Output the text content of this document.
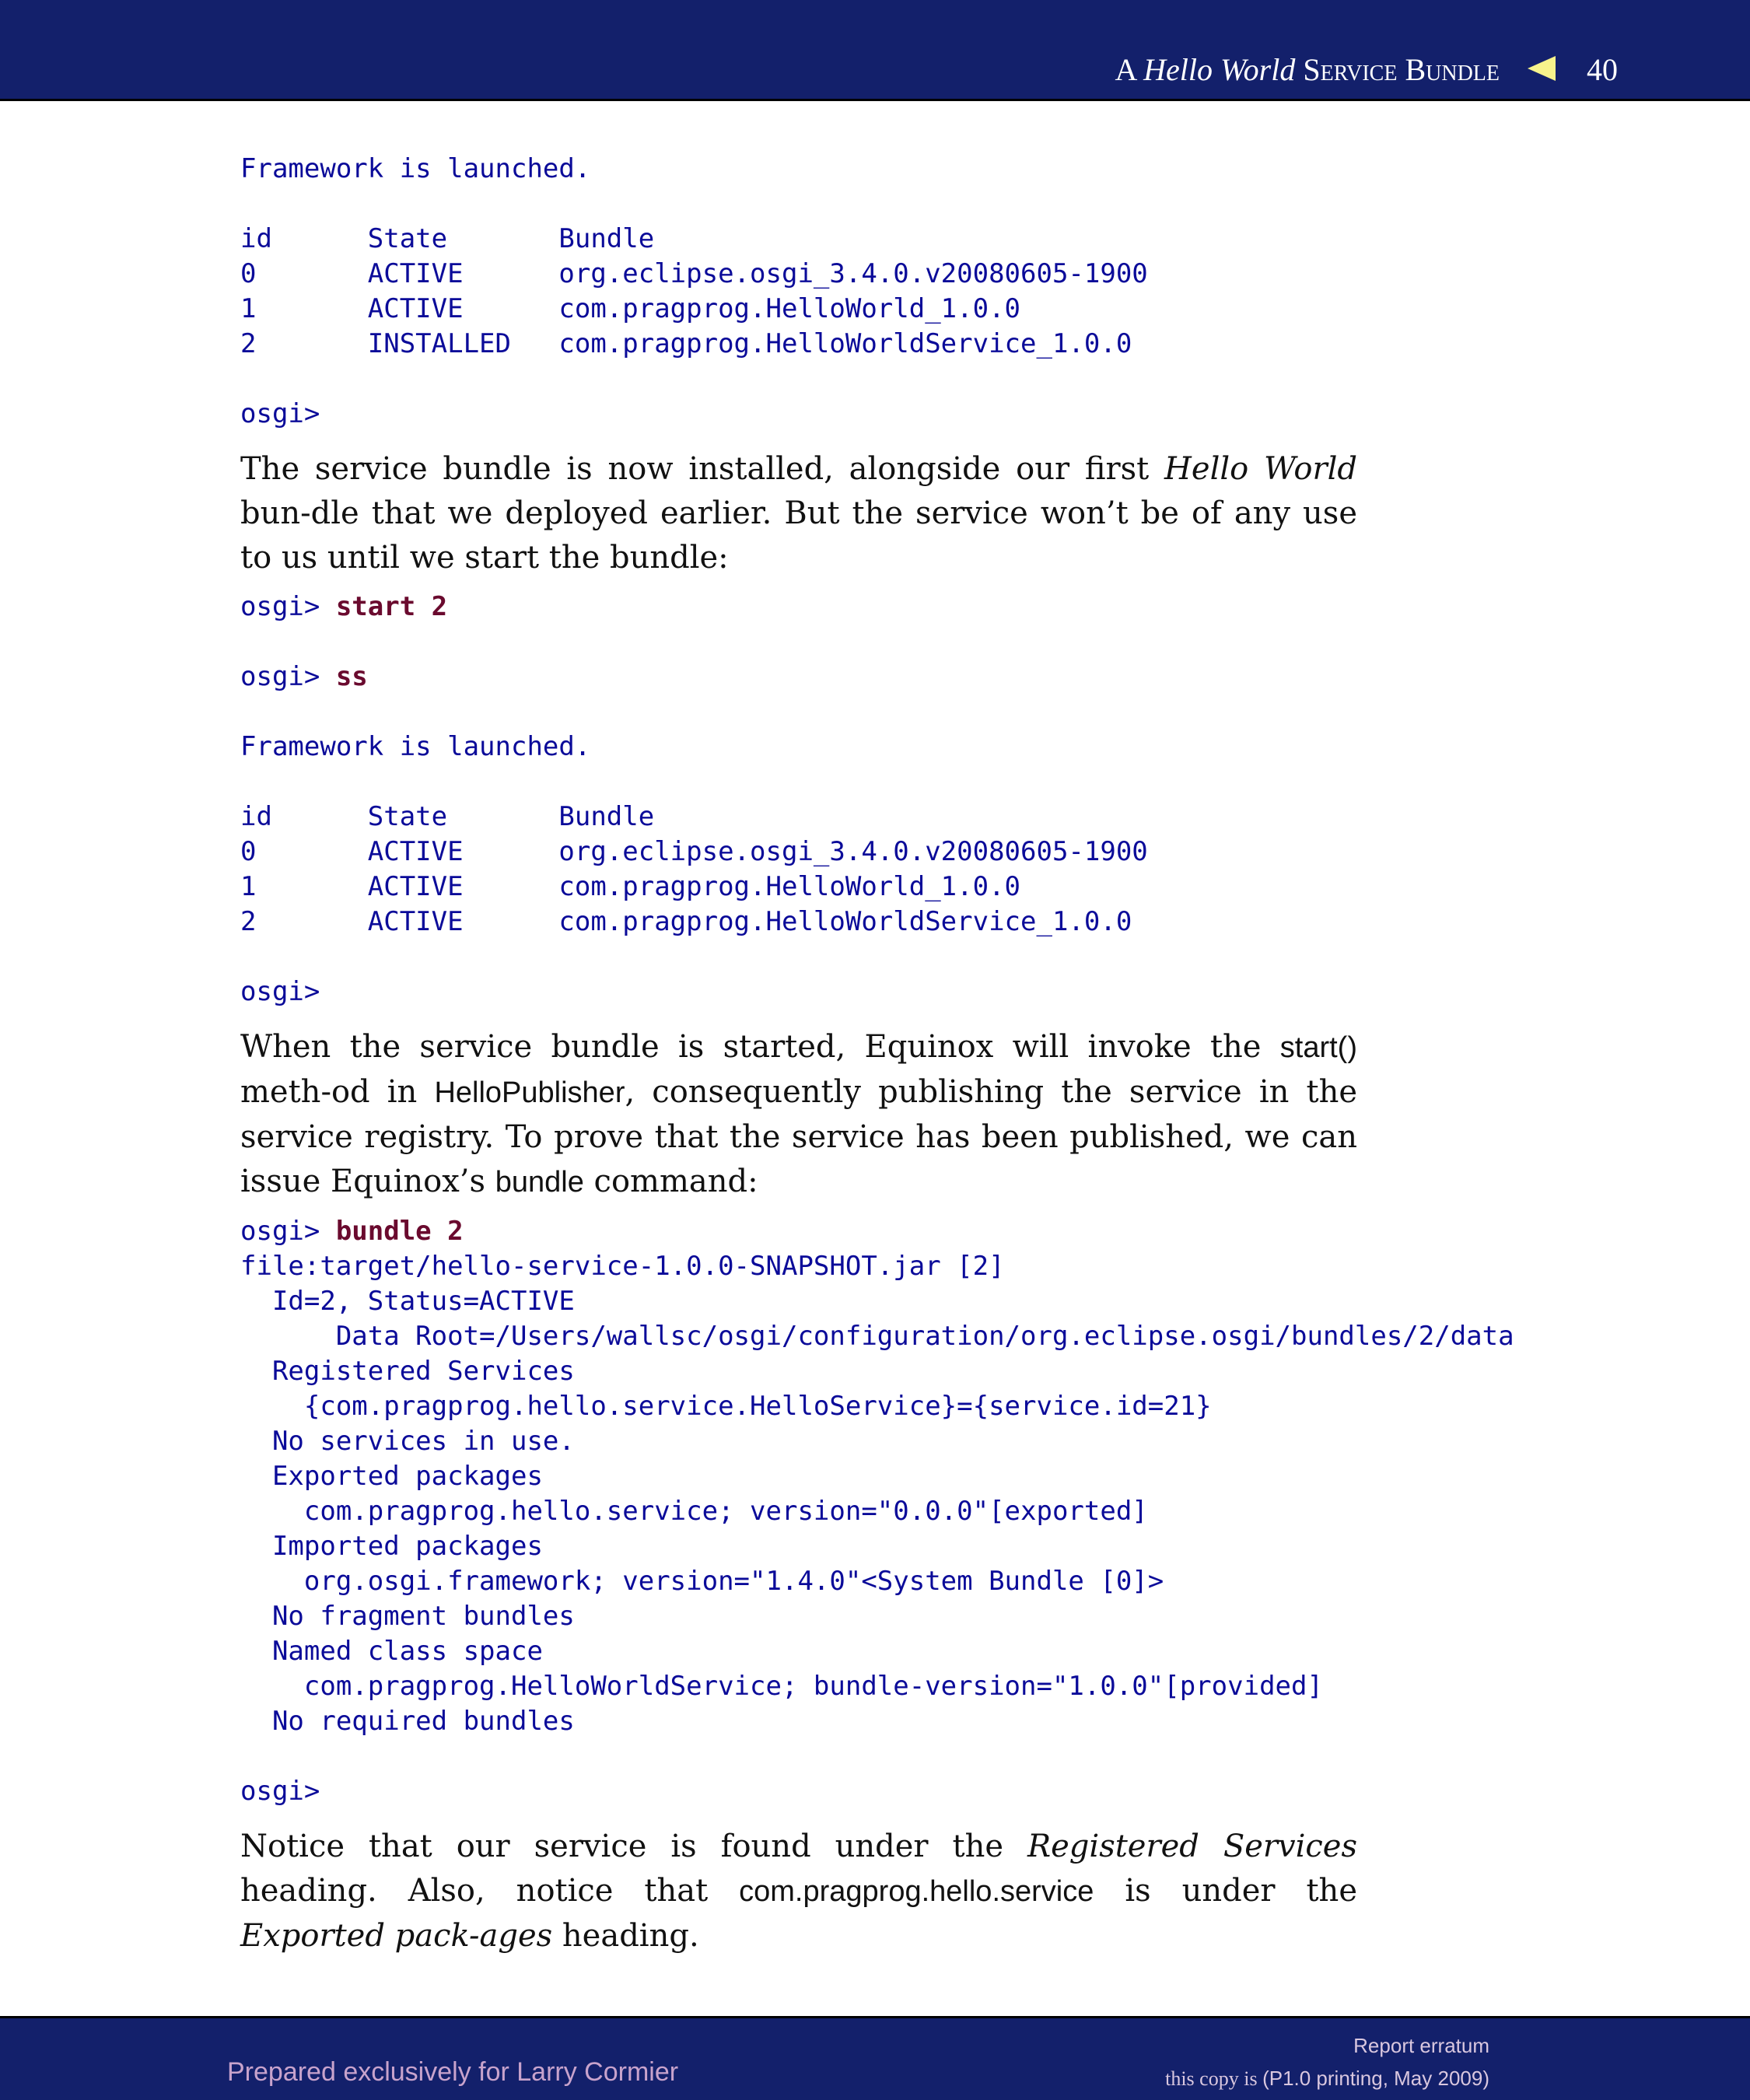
A Hello World Service Bundle	40
Framework is launched.

id      State       Bundle
0       ACTIVE      org.eclipse.osgi_3.4.0.v20080605-1900
1       ACTIVE      com.pragprog.HelloWorld_1.0.0
2       INSTALLED   com.pragprog.HelloWorldService_1.0.0

osgi>

The service bundle is now installed, alongside our first Hello World bun-dle that we deployed earlier. But the service won’t be of any use to us until we start the bundle:

osgi> start 2

osgi> ss

Framework is launched.

id      State       Bundle
0       ACTIVE      org.eclipse.osgi_3.4.0.v20080605-1900
1       ACTIVE      com.pragprog.HelloWorld_1.0.0
2       ACTIVE      com.pragprog.HelloWorldService_1.0.0

osgi>

When the service bundle is started, Equinox will invoke the start() meth-od in HelloPublisher, consequently publishing the service in the service registry. To prove that the service has been published, we can issue Equinox’s bundle command:

osgi> bundle 2
file:target/hello-service-1.0.0-SNAPSHOT.jar [2]
Id=2, Status=ACTIVE
Data Root=/Users/wallsc/osgi/configuration/org.eclipse.osgi/bundles/2/data
Registered Services
{com.pragprog.hello.service.HelloService}={service.id=21}
No services in use.
Exported packages
com.pragprog.hello.service; version="0.0.0"[exported]
Imported packages
org.osgi.framework; version="1.4.0"<System Bundle [0]>
No fragment bundles
Named class space
com.pragprog.HelloWorldService; bundle-version="1.0.0"[provided]
No required bundles

osgi>

Notice that our service is found under the Registered Services heading. Also, notice that com.pragprog.hello.service is under the Exported pack-ages heading.

Prepared exclusively for Larry Cormier
Report erratum
this copy is (P1.0 printing, May 2009)
